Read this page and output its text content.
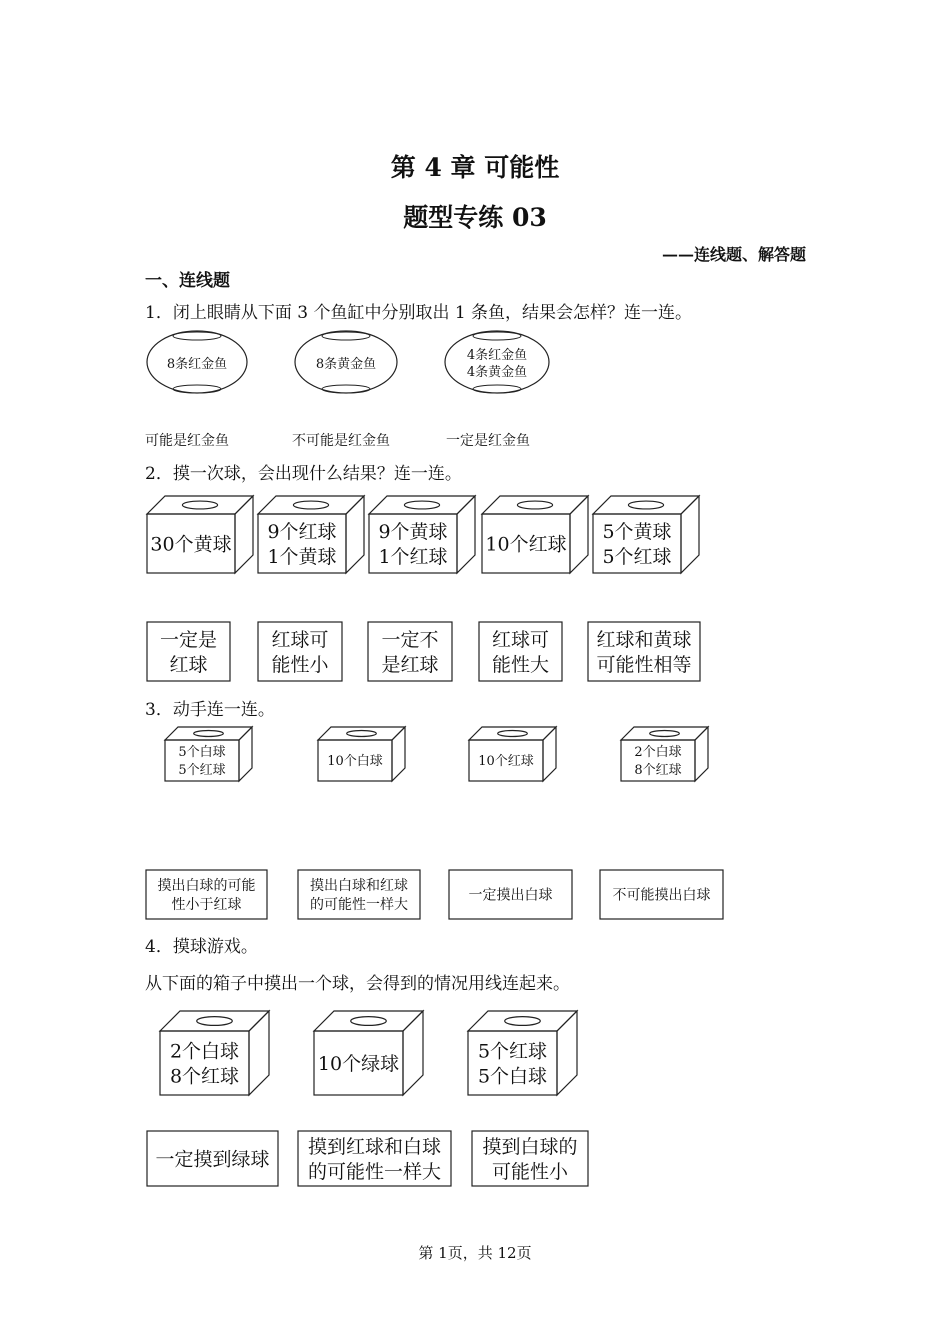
第 4 章 可能性
题型专练 03
——连线题、解答题
一、连线题
1．闭上眼睛从下面 3 个鱼缸中分别取出 1 条鱼，结果会怎样？连一连。
8条红金鱼	8条黄金鱼
4条红金鱼
4条黄金鱼
可能是红金鱼	不可能是红金鱼	一定是红金鱼
2．摸一次球，会出现什么结果？连一连。
30个黄球
9个红球
1个黄球
9个黄球
1个红球
10个红球
5个黄球
5个红球
一定是
红球
红球可
能性小
一定不
是红球
红球可
能性大
红球和黄球
可能性相等
3．动手连一连。
5个白球
5个红球
10个白球	10个红球
2个白球
8个红球
摸出白球的可能
性小于红球
摸出白球和红球
的可能性一样大
一定摸出白球	不可能摸出白球
4．摸球游戏。
从下面的箱子中摸出一个球，会得到的情况用线连起来。
2个白球
8个红球
10个绿球
5个红球
5个白球
一定摸到绿球
摸到红球和白球
的可能性一样大
摸到白球的
可能性小
第 1页，共 12页
